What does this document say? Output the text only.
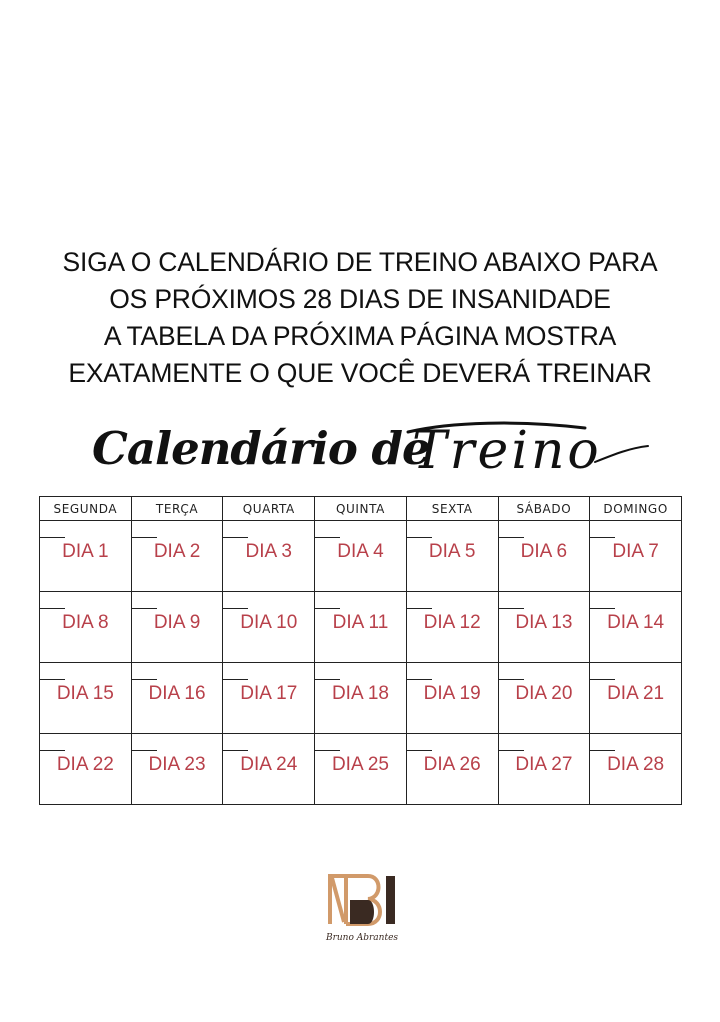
SIGA O CALENDÁRIO DE TREINO ABAIXO PARA
OS PRÓXIMOS 28 DIAS DE INSANIDADE
A TABELA DA PRÓXIMA PÁGINA MOSTRA
EXATAMENTE O QUE VOCÊ DEVERÁ TREINAR
Calendário de
Treino
SEGUNDA	TERÇA	QUARTA	QUINTA	SEXTA	SÁBADO	DOMINGO

DIA 1	DIA 2	DIA 3	DIA 4	DIA 5	DIA 6	DIA 7

DIA 8	DIA 9	DIA 10	DIA 11	DIA 12	DIA 13	DIA 14

DIA 15	DIA 16	DIA 17	DIA 18	DIA 19	DIA 20	DIA 21

DIA 22	DIA 23	DIA 24	DIA 25	DIA 26	DIA 27	DIA 28
Bruno Abrantes
